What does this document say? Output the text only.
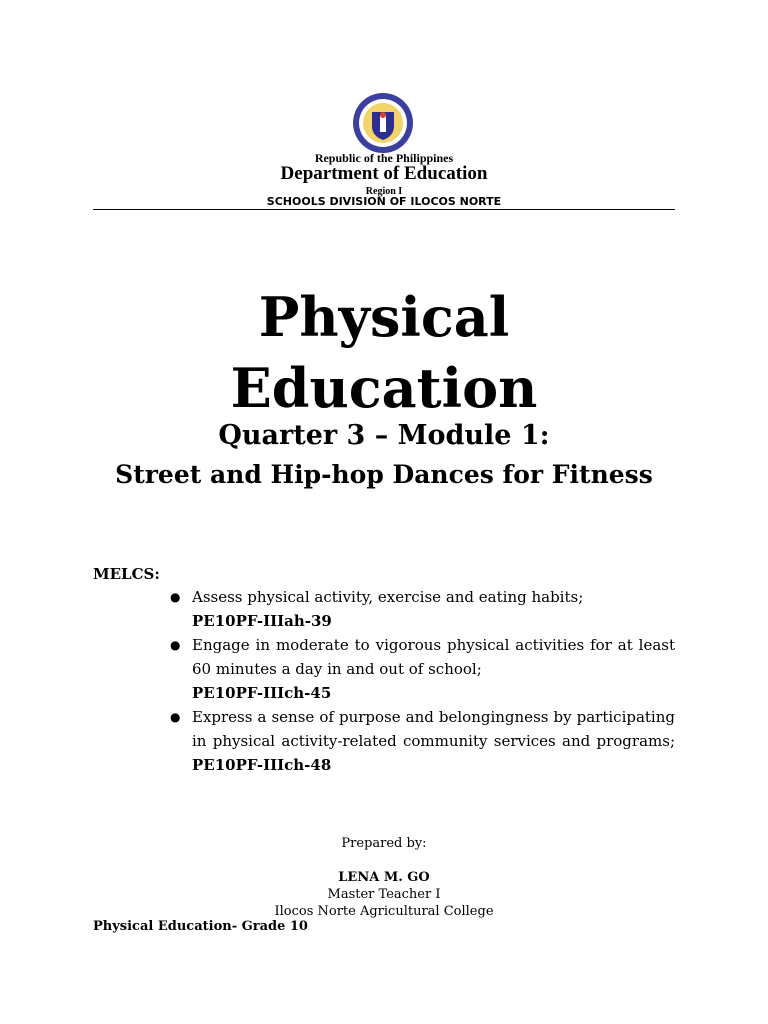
Republic of the Philippines
Department of Education
Region I
SCHOOLS DIVISION OF ILOCOS NORTE
Physical
Education
Quarter 3 – Module 1:
Street and Hip-hop Dances for Fitness
MELCS:
● Assess physical activity, exercise and eating habits;
PE10PF-IIIah-39
● Engage in moderate to vigorous physical activities for at least 60 minutes a day in and out of school;
PE10PF-IIIch-45
● Express a sense of purpose and belongingness by participating in physical activity-related community services and programs; PE10PF-IIIch-48
Prepared by:
LENA M. GO
Master Teacher I
Ilocos Norte Agricultural College
Physical Education- Grade 10
